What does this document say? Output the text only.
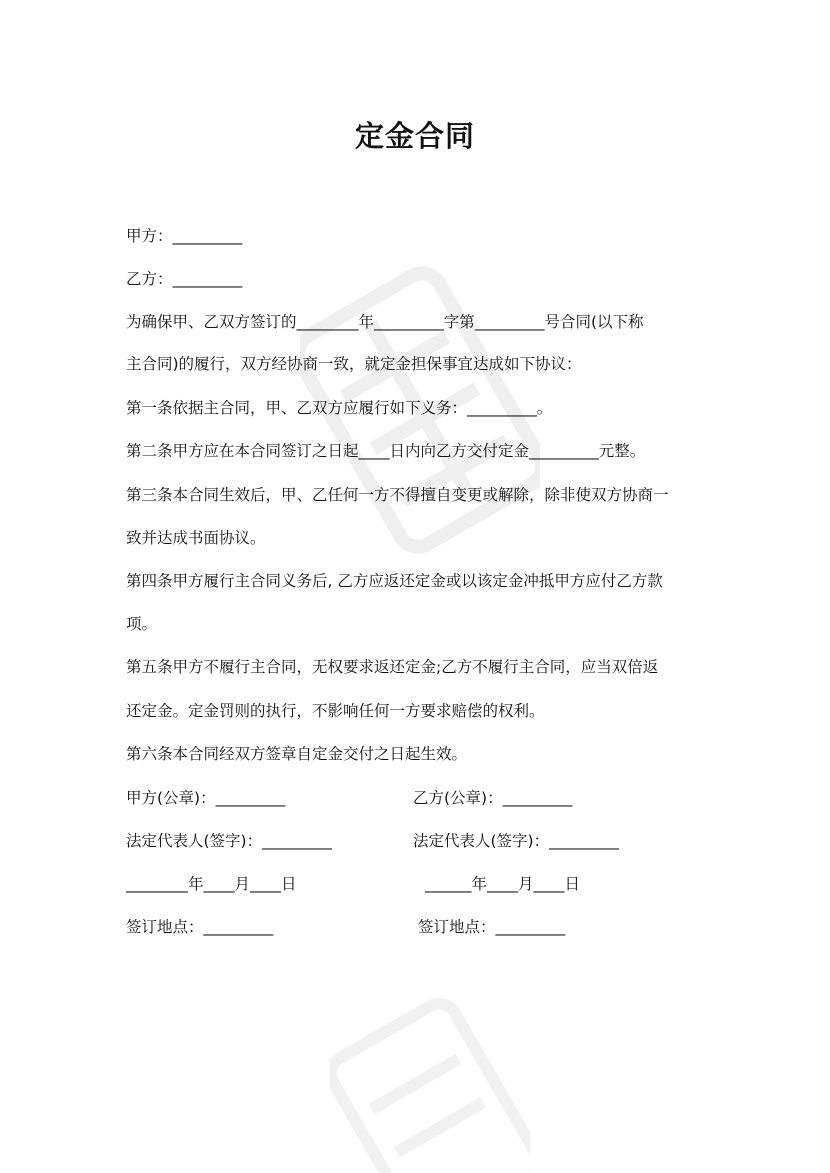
定金合同

甲方：_________

乙方：_________

为确保甲、乙双方签订的________年_________字第_________号合同(以下称

主合同)的履行，双方经协商一致，就定金担保事宜达成如下协议：

第一条依据主合同，甲、乙双方应履行如下义务：_________。

第二条甲方应在本合同签订之日起____日内向乙方交付定金_________元整。

第三条本合同生效后，甲、乙任何一方不得擅自变更或解除，除非使双方协商一

致并达成书面协议。

第四条甲方履行主合同义务后, 乙方应返还定金或以该定金冲抵甲方应付乙方款

项。

第五条甲方不履行主合同，无权要求返还定金;乙方不履行主合同，应当双倍返

还定金。定金罚则的执行，不影响任何一方要求赔偿的权利。

第六条本合同经双方签章自定金交付之日起生效。

甲方(公章)：_________	乙方(公章)：_________

法定代表人(签字)：_________	法定代表人(签字)：_________

________年____月____日	______年____月____日

签订地点：_________	签订地点：_________
